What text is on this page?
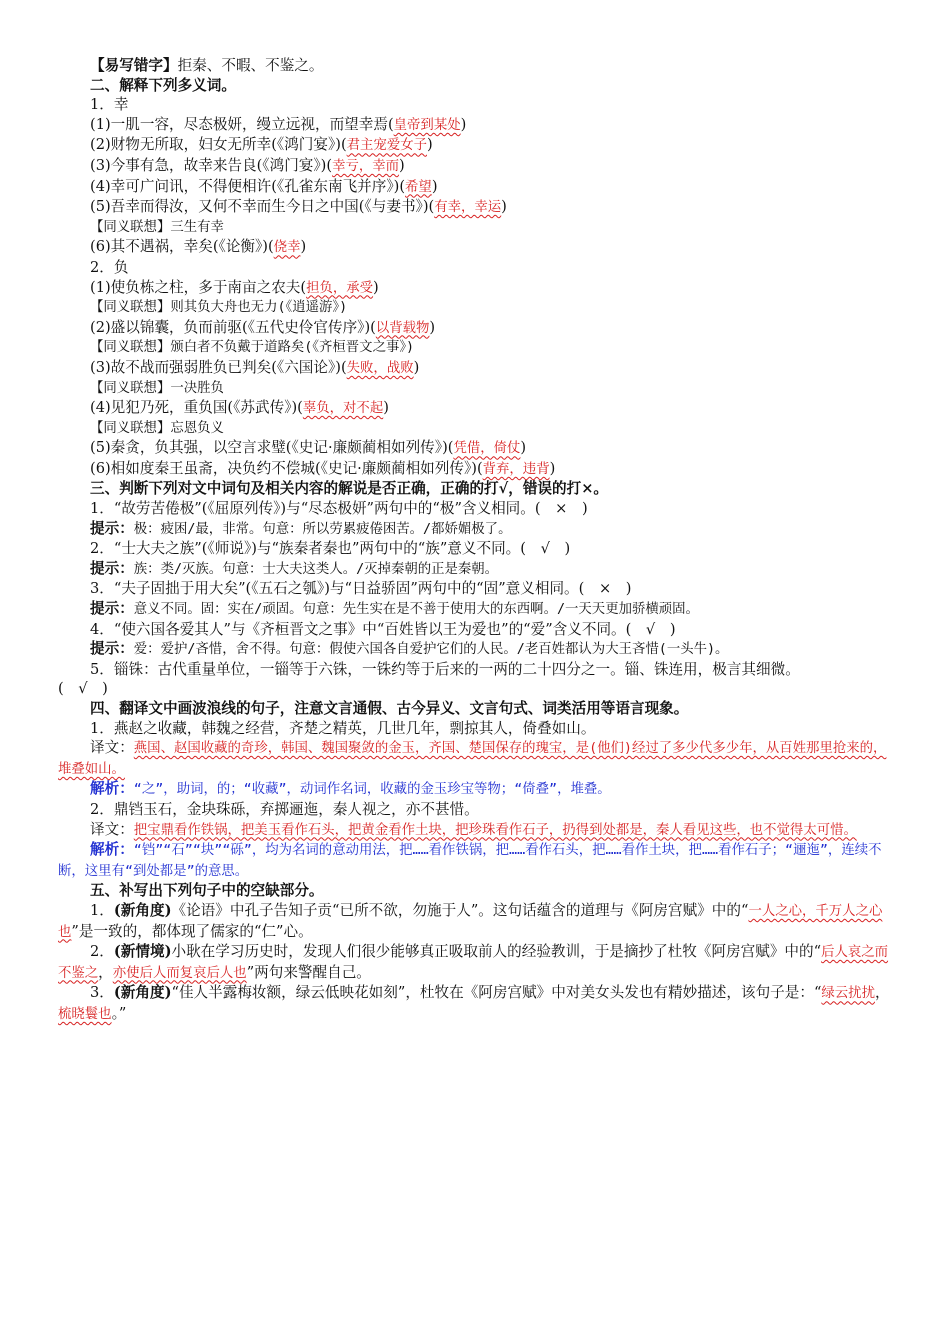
【易写错字】拒秦、不暇、不鉴之。
二、解释下列多义词。
1．幸
(1)一肌一容，尽态极妍，缦立远视，而望幸焉(皇帝到某处)
(2)财物无所取，妇女无所幸(《鸿门宴》)(君主宠爱女子)
(3)今事有急，故幸来告良(《鸿门宴》)(幸亏，幸而)
(4)幸可广问讯，不得便相许(《孔雀东南飞并序》)(希望)
(5)吾幸而得汝，又何不幸而生今日之中国(《与妻书》)(有幸，幸运)
【同义联想】三生有幸
(6)其不遇祸，幸矣(《论衡》)(侥幸)
2．负
(1)使负栋之柱，多于南亩之农夫(担负，承受)
【同义联想】则其负大舟也无力(《逍遥游》)
(2)盛以锦囊，负而前驱(《五代史伶官传序》)(以背载物)
【同义联想】颁白者不负戴于道路矣(《齐桓晋文之事》)
(3)故不战而强弱胜负已判矣(《六国论》)(失败，战败)
【同义联想】一决胜负
(4)见犯乃死，重负国(《苏武传》)(辜负，对不起)
【同义联想】忘恩负义
(5)秦贪，负其强，以空言求璧(《史记·廉颇蔺相如列传》)(凭借，倚仗)
(6)相如度秦王虽斋，决负约不偿城(《史记·廉颇蔺相如列传》)(背弃，违背)
三、判断下列对文中词句及相关内容的解说是否正确，正确的打√，错误的打×。
1．“故劳苦倦极”(《屈原列传》)与“尽态极妍”两句中的“极”含义相同。(　×　)
提示：极：疲困/最，非常。句意：所以劳累疲倦困苦。/都娇媚极了。
2．“士大夫之族”(《师说》)与“族秦者秦也”两句中的“族”意义不同。(　√　)
提示：族：类/灭族。句意：士大夫这类人。/灭掉秦朝的正是秦朝。
3．“夫子固拙于用大矣”(《五石之瓠》)与“日益骄固”两句中的“固”意义相同。(　×　)
提示：意义不同。固：实在/顽固。句意：先生实在是不善于使用大的东西啊。/一天天更加骄横顽固。
4．“使六国各爱其人”与《齐桓晋文之事》中“百姓皆以王为爱也”的“爱”含义不同。(　√　)
提示：爱：爱护/吝惜，舍不得。句意：假使六国各自爱护它们的人民。/老百姓都认为大王吝惜(一头牛)。
5．锱铢：古代重量单位，一锱等于六铢，一铢约等于后来的一两的二十四分之一。锱、铢连用，极言其细微。
(　√　)
四、翻译文中画波浪线的句子，注意文言通假、古今异义、文言句式、词类活用等语言现象。
1．燕赵之收藏，韩魏之经营，齐楚之精英，几世几年，剽掠其人，倚叠如山。
译文：燕国、赵国收藏的奇珍，韩国、魏国聚敛的金玉，齐国、楚国保存的瑰宝，是(他们)经过了多少代多少年，从百姓那里抢来的，堆叠如山。
解析：“之”，助词，的；“收藏”，动词作名词，收藏的金玉珍宝等物；“倚叠”，堆叠。
2．鼎铛玉石，金块珠砾，弃掷逦迤，秦人视之，亦不甚惜。
译文：把宝鼎看作铁锅，把美玉看作石头，把黄金看作土块，把珍珠看作石子，扔得到处都是，秦人看见这些，也不觉得太可惜。
解析：“铛”“石”“块”“砾”，均为名词的意动用法，把……看作铁锅，把……看作石头，把……看作土块，把……看作石子；“逦迤”，连续不断，这里有“到处都是”的意思。
五、补写出下列句子中的空缺部分。
1．(新角度)《论语》中孔子告知子贡“已所不欲，勿施于人”。这句话蕴含的道理与《阿房宫赋》中的“一人之心，千万人之心也”是一致的，都体现了儒家的“仁”心。
2．(新情境)小耿在学习历史时，发现人们很少能够真正吸取前人的经验教训，于是摘抄了杜牧《阿房宫赋》中的“后人哀之而不鉴之，亦使后人而复哀后人也”两句来警醒自己。
3．(新角度)“佳人半露梅妆额，绿云低映花如刻”，杜牧在《阿房宫赋》中对美女头发也有精妙描述，该句子是：“绿云扰扰，梳晓鬟也。”
